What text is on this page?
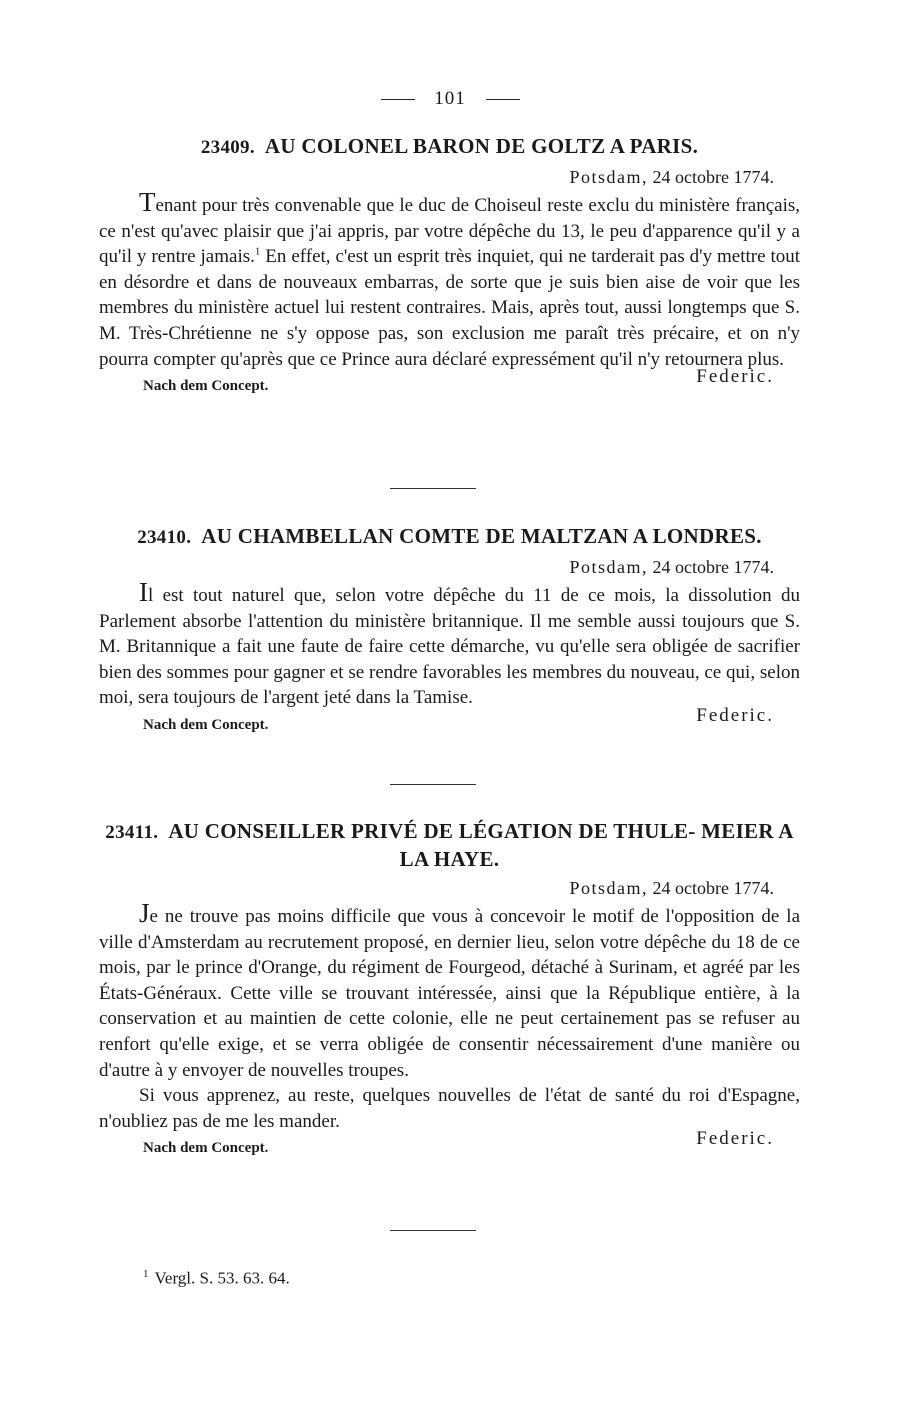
101
23409. AU COLONEL BARON DE GOLTZ A PARIS.
Potsdam, 24 octobre 1774.

Tenant pour très convenable que le duc de Choiseul reste exclu du ministère français, ce n'est qu'avec plaisir que j'ai appris, par votre dépêche du 13, le peu d'apparence qu'il y a qu'il y rentre jamais.$^1$ En effet, c'est un esprit très inquiet, qui ne tarderait pas d'y mettre tout en désordre et dans de nouveaux embarras, de sorte que je suis bien aise de voir que les membres du ministère actuel lui restent contraires. Mais, après tout, aussi longtemps que S. M. Très-Chrétienne ne s'y oppose pas, son exclusion me paraît très précaire, et on n'y pourra compter qu'après que ce Prince aura déclaré expressément qu'il n'y retournera plus.

Nach dem Concept.	Federic.
23410. AU CHAMBELLAN COMTE DE MALTZAN A LONDRES.
Potsdam, 24 octobre 1774.

Il est tout naturel que, selon votre dépêche du 11 de ce mois, la dissolution du Parlement absorbe l'attention du ministère britannique. Il me semble aussi toujours que S. M. Britannique a fait une faute de faire cette démarche, vu qu'elle sera obligée de sacrifier bien des sommes pour gagner et se rendre favorables les membres du nouveau, ce qui, selon moi, sera toujours de l'argent jeté dans la Tamise.

Nach dem Concept.	Federic.
23411. AU CONSEILLER PRIVÉ DE LÉGATION DE THULE- MEIER A LA HAYE.
Potsdam, 24 octobre 1774.

Je ne trouve pas moins difficile que vous à concevoir le motif de l'opposition de la ville d'Amsterdam au recrutement proposé, en dernier lieu, selon votre dépêche du 18 de ce mois, par le prince d'Orange, du régiment de Fourgeod, détaché à Surinam, et agréé par les États-Généraux. Cette ville se trouvant intéressée, ainsi que la République entière, à la conservation et au maintien de cette colonie, elle ne peut certainement pas se refuser au renfort qu'elle exige, et se verra obligée de consentir nécessairement d'une manière ou d'autre à y envoyer de nouvelles troupes.

Si vous apprenez, au reste, quelques nouvelles de l'état de santé du roi d'Espagne, n'oubliez pas de me les mander.

Nach dem Concept.	Federic.
$^1$ Vergl. S. 53. 63. 64.
